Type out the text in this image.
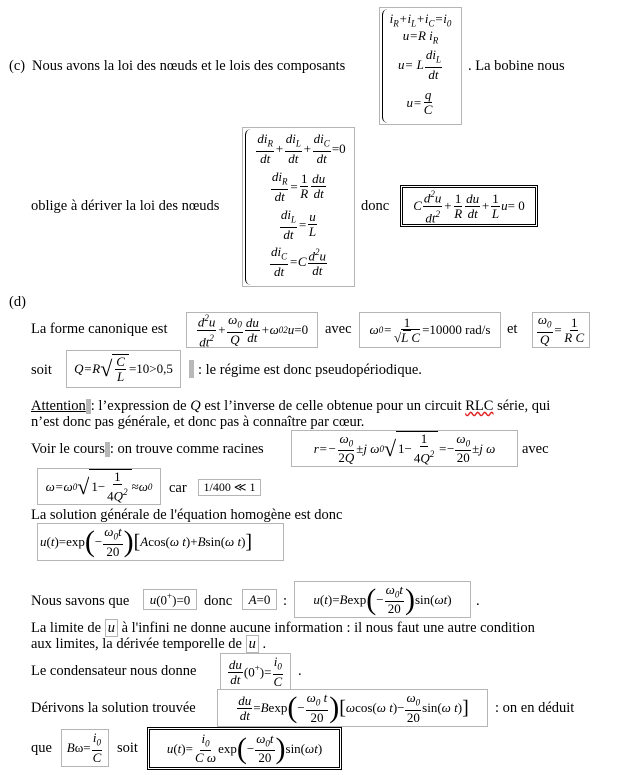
(c) Nous avons la loi des nœuds et le lois des composants
$i_R+i_L+i_C=i_0$
u=R $i_R$
u= L $\frac{di_L}{dt}$
$u= \frac{q}{C}$
. La bobine nous
oblige à dériver la loi des nœuds
$\frac{di_R}{dt} + \frac{di_L}{dt} + \frac{di_C}{dt} =0$
$\frac{di_R}{dt} = \frac{1}{R} \frac{du}{dt}$
$\frac{di_L}{dt} = \frac{u}{L}$
$\frac{di_C}{dt} =C \frac{d^2u}{dt}$
donc C $\frac{d^2u}{dt^2} + \frac{1}{R} \frac{du}{dt} + \frac{1}{L}$ u = 0
(d)
La forme canonique est $\frac{d^2u}{dt^2} + \frac{\omega_0}{Q} \frac{du}{dt} +\omega$ 0 2 u =0 avec	ω $0 = \frac{1}{\text{√L C}} = 10000$
rad/s et $\frac{\omega_0}{Q} = \frac{1}{\text{R C}}$
soit	Q=R √ $\frac{C}{L} =10>0,5$ : le régime est donc pseudopériodique.
Attention : l’expression de Q est l’inverse de celle obtenue pour un circuit RLC série, qui
n’est donc pas générale, et donc pas à connaître par cœur.
Voir le cours : on trouve comme racines	$r=- \frac{\omega_0}{2Q} \pm j$ ω 0 √ $1- \frac{1}{4Q^2}$ = − $\frac{\omega_0}{20} \pm j$ ω	avec
ω=ω 0 √ $1- \frac{1}{4Q^2} \approx \omega$ 0 car	1/400 ≪ 1
La solution générale de l'équation homogène est donc
u ( t )=exp ( − $\frac{\omega_0t}{20}$ ) [ A cos( ω t )+ B sin( ω t ) ]
Nous savons que	u (0+)=0 donc	A =0 :	u ( t )= B exp ( − $\frac{\omega_0t}{20}$ ) sin( ωt ) .
La limite de u à l'infini ne donne aucune information : il nous faut une autre condition
aux limites, la dérivée temporelle de u .
Le condensateur nous donne $\frac{du}{dt} (0^+)= \frac{i_0}{C}$ .
Dérivons la solution trouvée	$\frac{du}{dt} = B$ exp ( − $\frac{\omega_0 t}{20}$ ) [ ω cos( ω t )− $\frac{\omega_0}{20} \sin$( ω t ) ] : on en déduit
que	B $\omega= \frac{i_0}{C}$ soit	u ( t )= $\frac{i_0}{\text{C ω}}$ exp ( − $\frac{\omega_0t}{20}$ ) sin( ωt )
